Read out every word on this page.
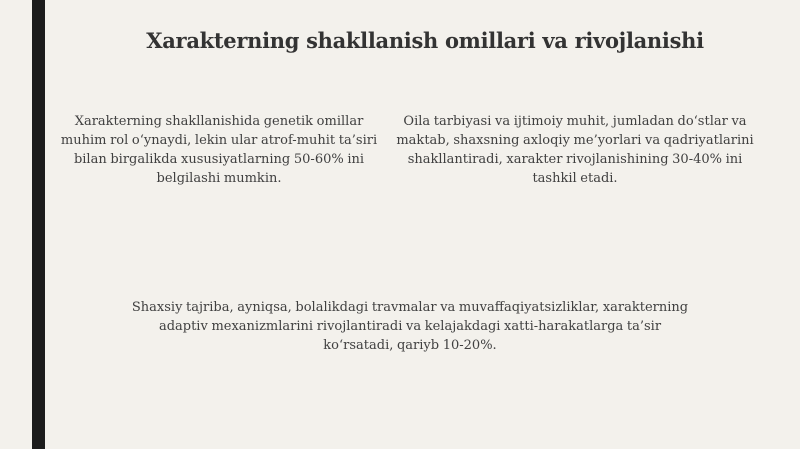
Xarakterning shakllanish omillari va rivojlanishi
Xarakterning shakllanishida genetik omillar muhim rol o‘ynaydi, lekin ular atrof-muhit ta’siri bilan birgalikda xususiyatlarning 50-60% ini belgilashi mumkin.
Oila tarbiyasi va ijtimoiy muhit, jumladan do‘stlar va maktab, shaxsning axloqiy me’yorlari va qadriyatlarini shakllantiradi, xarakter rivojlanishining 30-40% ini tashkil etadi.
Shaxsiy tajriba, ayniqsa, bolalikdagi travmalar va muvaffaqiyatsizliklar, xarakterning adaptiv mexanizmlarini rivojlantiradi va kelajakdagi xatti-harakatlarga ta’sir ko‘rsatadi, qariyb 10-20%.
